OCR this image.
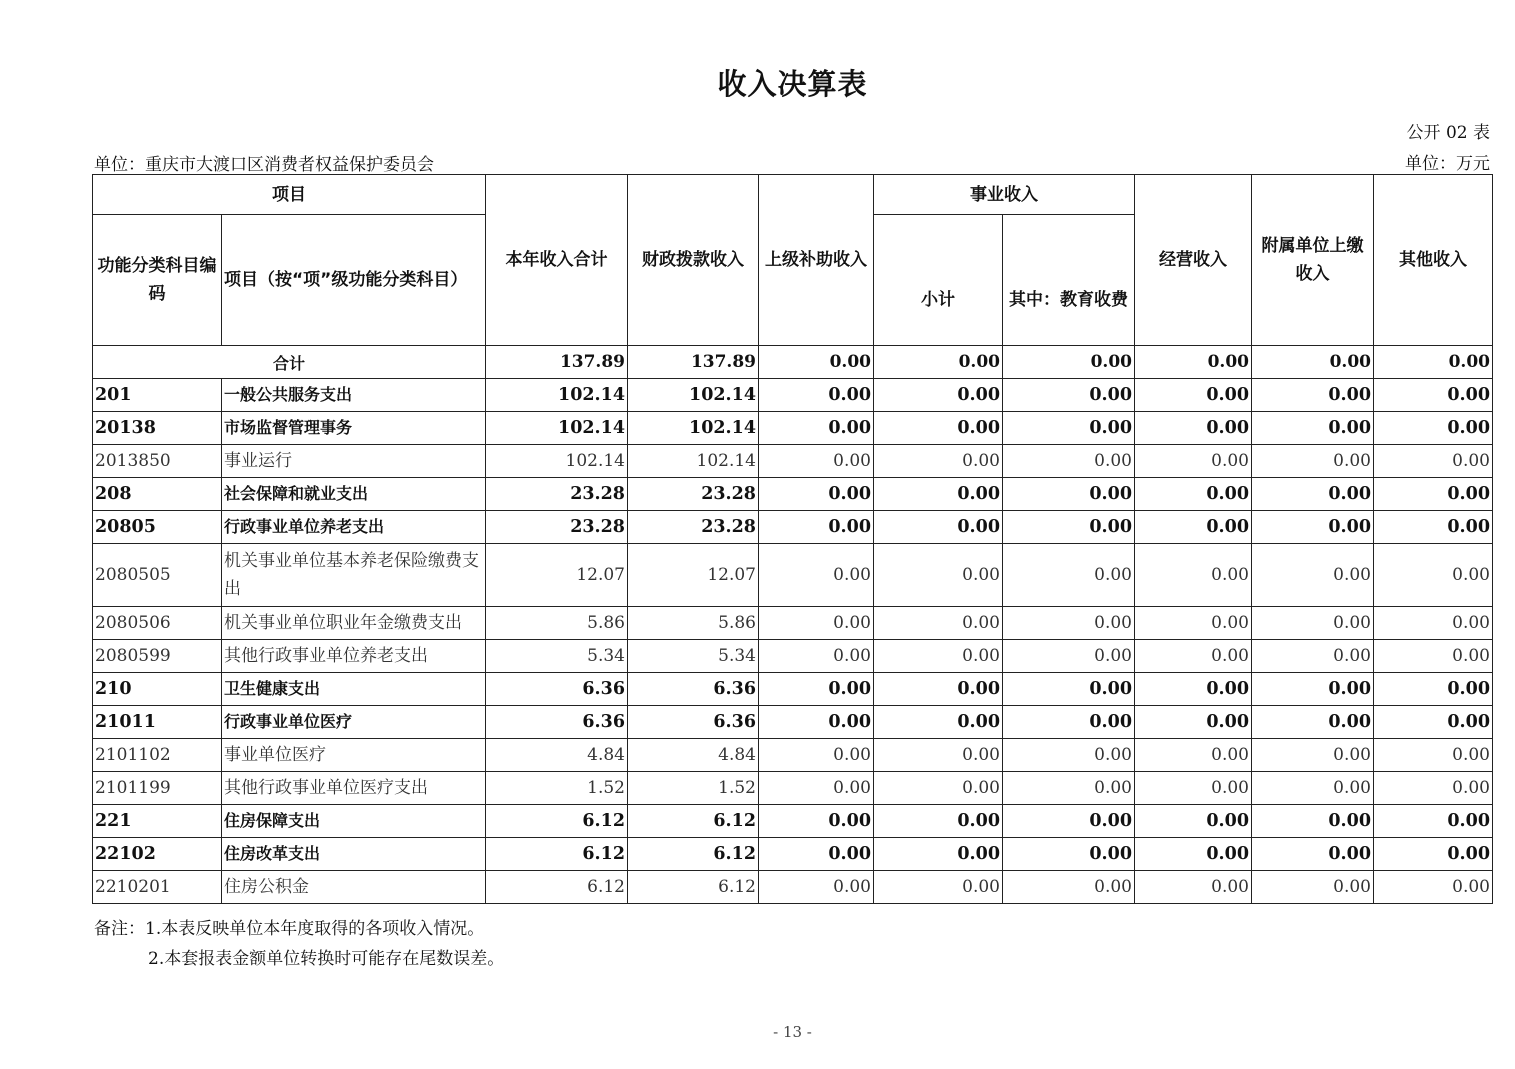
收入决算表
公开 02 表
单位：重庆市大渡口区消费者权益保护委员会	单位：万元
项目		本年收入合计	财政拨款收入	上级补助收入	事业收入		经营收入	附属单位上缴收入	其他收入
功能分类科目编码	项目（按“项”级功能分类科目）				小计	其中：教育收费			
合计		137.89	137.89	0.00	0.00	0.00	0.00	0.00	0.00
201	一般公共服务支出	102.14	102.14	0.00	0.00	0.00	0.00	0.00	0.00
20138	市场监督管理事务	102.14	102.14	0.00	0.00	0.00	0.00	0.00	0.00
2013850	事业运行	102.14	102.14	0.00	0.00	0.00	0.00	0.00	0.00
208	社会保障和就业支出	23.28	23.28	0.00	0.00	0.00	0.00	0.00	0.00
20805	行政事业单位养老支出	23.28	23.28	0.00	0.00	0.00	0.00	0.00	0.00
2080505	机关事业单位基本养老保险缴费支出	12.07	12.07	0.00	0.00	0.00	0.00	0.00	0.00
2080506	机关事业单位职业年金缴费支出	5.86	5.86	0.00	0.00	0.00	0.00	0.00	0.00
2080599	其他行政事业单位养老支出	5.34	5.34	0.00	0.00	0.00	0.00	0.00	0.00
210	卫生健康支出	6.36	6.36	0.00	0.00	0.00	0.00	0.00	0.00
21011	行政事业单位医疗	6.36	6.36	0.00	0.00	0.00	0.00	0.00	0.00
2101102	事业单位医疗	4.84	4.84	0.00	0.00	0.00	0.00	0.00	0.00
2101199	其他行政事业单位医疗支出	1.52	1.52	0.00	0.00	0.00	0.00	0.00	0.00
221	住房保障支出	6.12	6.12	0.00	0.00	0.00	0.00	0.00	0.00
22102	住房改革支出	6.12	6.12	0.00	0.00	0.00	0.00	0.00	0.00
2210201	住房公积金	6.12	6.12	0.00	0.00	0.00	0.00	0.00	0.00
备注：1.本表反映单位本年度取得的各项收入情况。
2.本套报表金额单位转换时可能存在尾数误差。
- 13 -
